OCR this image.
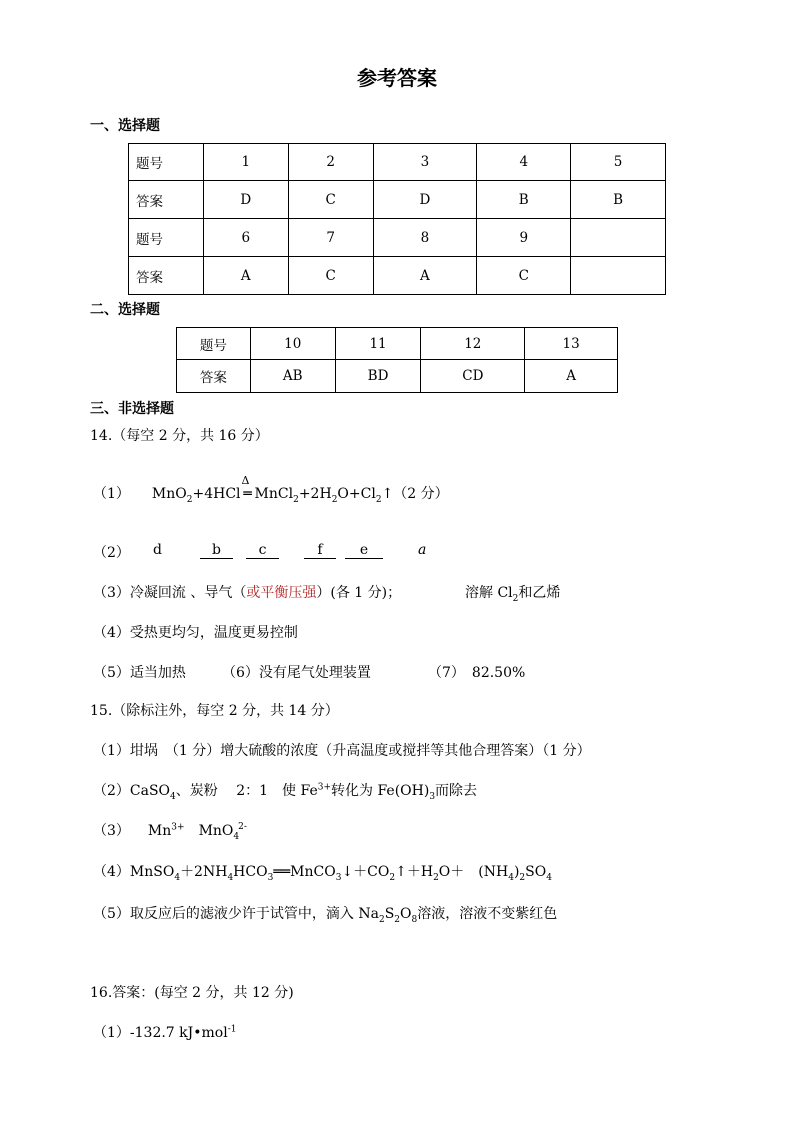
参考答案
一、选择题
题号	1	2	3	4	5
答案	D	C	D	B	B
题号	6	7	8	9	
答案	A	C	A	C	
二、选择题
题号	10	11	12	13
答案	AB	BD	CD	A
三、非选择题
14.（每空 2 分，共 16 分）
（1） MnO$_2$+4HCl
Δ
═ $MnCl_2+2H_2O+Cl_2↑(2$ 分）
（2） d	b	c	f	e	a
（3）冷凝回流 、导气（或平衡压强）(各 1 分)；	溶解 $Cl_2$和乙烯
（4）受热更均匀，温度更易控制
（5）适当加热	（6）没有尾气处理装置	（7）　 82.50%
15.（除标注外，每空 2 分，共 14 分）
（1）坩埚　（1 分）增大硫酸的浓度（升高温度或搅拌等其他合理答案）（1 分）
（2）CaSO$_4$、炭粉　 2：1　使 $Fe^{3+}$转化为 $Fe(OH)_3$而除去
（3） $Mn^{3+}$ MnO$_4^{2-}$
$(4)MnSO_4+2NH_4HCO_3══MnCO_3↓+CO_2↑+H_2O+$　$(NH_4)_2SO_4$
（5）取反应后的滤液少许于试管中，滴入 $Na_2S_2O_8$溶液，溶液不变紫红色
16.答案：(每空 2 分，共 12 分)
（1）-132.7 kJ•mol$^{-1}$
